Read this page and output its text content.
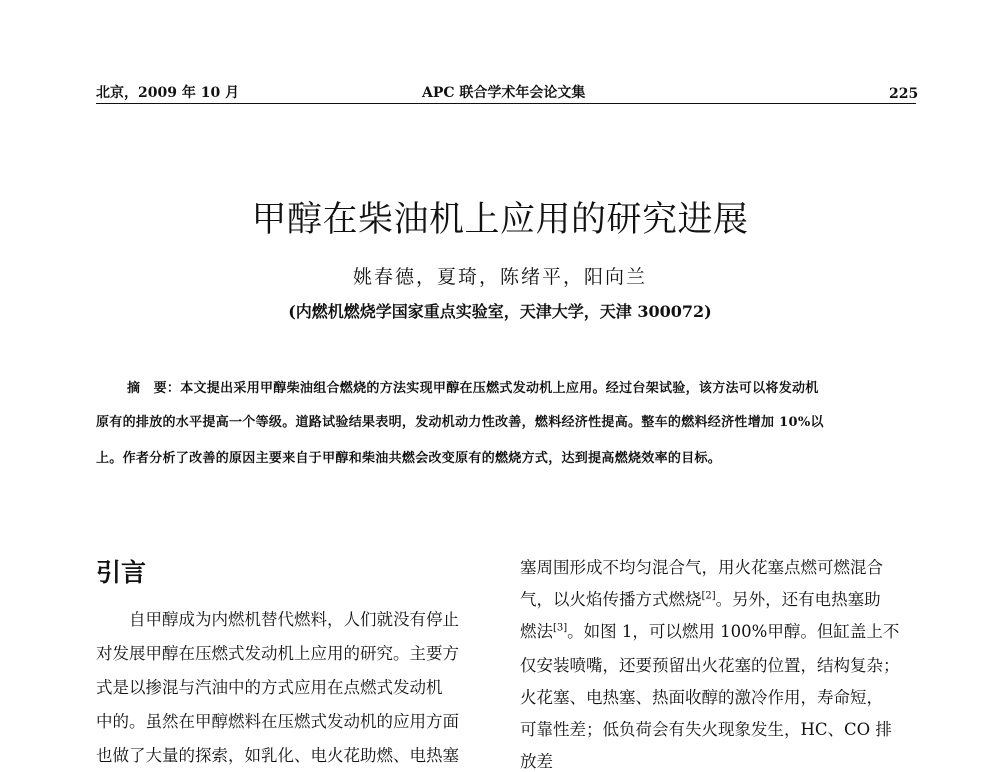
北京，2009 年 10 月	APC 联合学术年会论文集	225
甲醇在柴油机上应用的研究进展
姚春德，夏琦，陈绪平，阳向兰
(内燃机燃烧学国家重点实验室，天津大学，天津 300072)
摘　要：本文提出采用甲醇柴油组合燃烧的方法实现甲醇在压燃式发动机上应用。经过台架试验，该方法可以将发动机
原有的排放的水平提高一个等级。道路试验结果表明，发动机动力性改善，燃料经济性提高。整车的燃料经济性增加 10%以
上。作者分析了改善的原因主要来自于甲醇和柴油共燃会改变原有的燃烧方式，达到提高燃烧效率的目标。
引言
　　自甲醇成为内燃机替代燃料，人们就没有停止
对发展甲醇在压燃式发动机上应用的研究。主要方
式是以掺混与汽油中的方式应用在点燃式发动机
中的。虽然在甲醇燃料在压燃式发动机的应用方面
也做了大量的探索，如乳化、电火花助燃、电热塞
塞周围形成不均匀混合气，用火花塞点燃可燃混合
气，以火焰传播方式燃烧[2]。另外，还有电热塞助
燃法[3]。如图 1，可以燃用 100%甲醇。但缸盖上不
仅安装喷嘴，还要预留出火花塞的位置，结构复杂；
火花塞、电热塞、热面收醇的激冷作用，寿命短，
可靠性差；低负荷会有失火现象发生，HC、CO 排
放差
